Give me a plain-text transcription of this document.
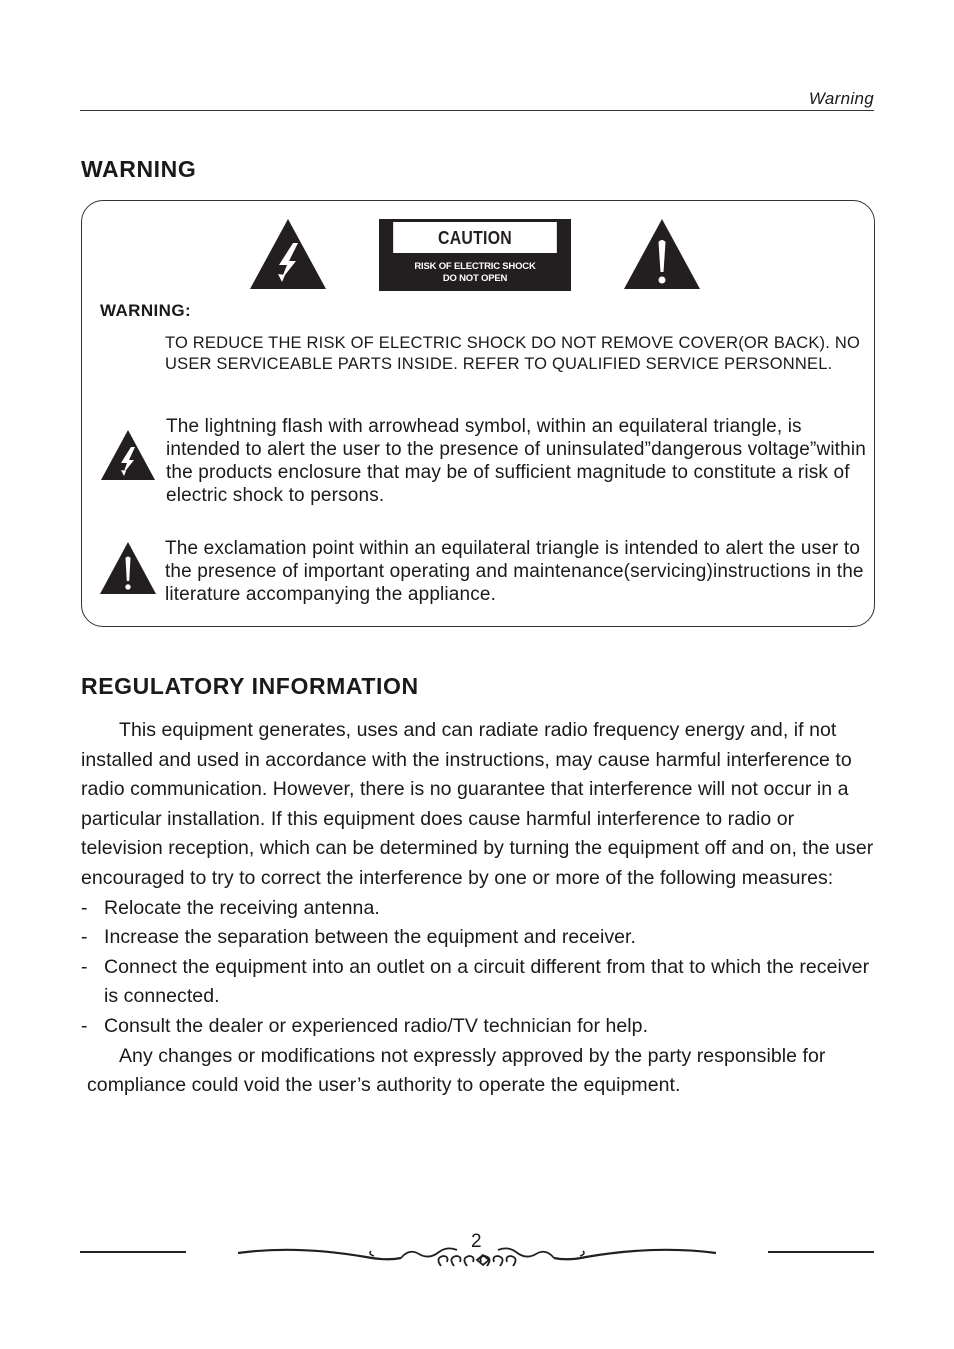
Warning
WARNING
CAUTION
RISK OF ELECTRIC SHOCK
DO NOT OPEN
WARNING:
TO REDUCE THE RISK OF ELECTRIC SHOCK DO NOT REMOVE COVER(OR BACK). NO USER SERVICEABLE PARTS INSIDE. REFER TO QUALIFIED SERVICE PERSONNEL.
The lightning flash with arrowhead symbol, within an equilateral triangle, is intended to alert the user to the presence of uninsulated”dangerous voltage”within the products enclosure that may be of sufficient magnitude to constitute a risk of electric shock to persons.
The exclamation point within an equilateral triangle is intended to alert the user to the presence of important operating and maintenance(servicing)instructions in the literature accompanying the appliance.
REGULATORY INFORMATION

This equipment generates, uses and can radiate radio frequency energy and, if not installed and used in accordance with the instructions, may cause harmful interference to radio communication. However, there is no guarantee that interference will not occur in a particular installation. If this equipment does cause harmful interference to radio or television reception, which can be determined by turning the equipment off and on, the user encouraged to try to correct the interference by one or more of the following measures:

- Relocate the receiving antenna.
- Increase the separation between the equipment and receiver.
- Connect the equipment into an outlet on a circuit different from that to which the receiver is connected.
- Consult the dealer or experienced radio/TV technician for help.

Any changes or modifications not expressly approved by the party responsible for compliance could void the user’s authority to operate the equipment.

2
